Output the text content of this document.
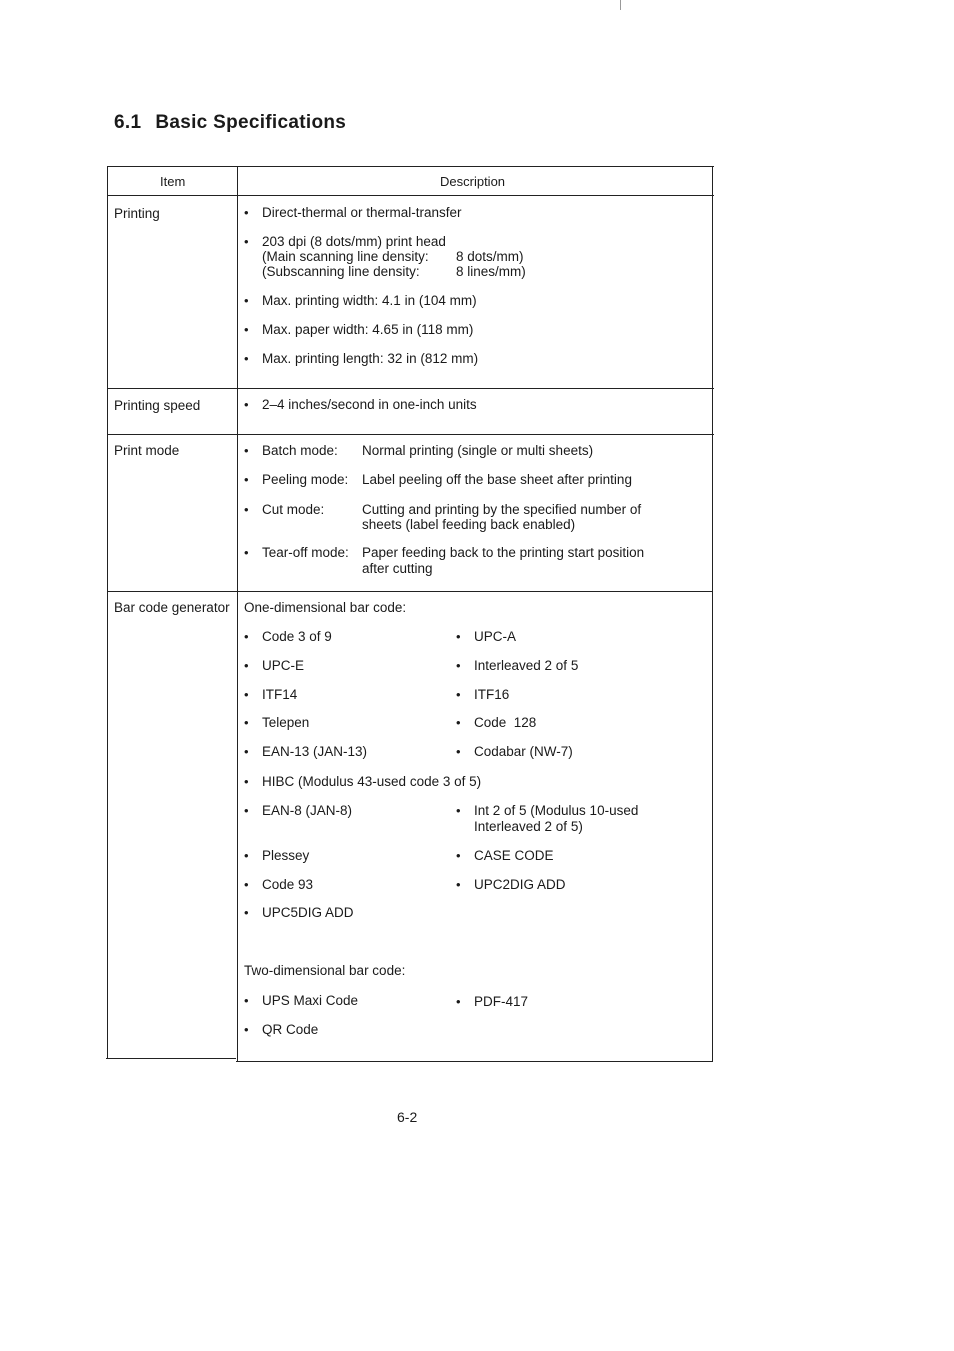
6.1 Basic Specifications
Item	Description
Printing	• Direct-thermal or thermal-transfer
• 203 dpi (8 dots/mm) print head
(Main scanning line density: 8 dots/mm)
(Subscanning line density:	8 lines/mm)
• Max. printing width: 4.1 in (104 mm)
• Max. paper width: 4.65 in (118 mm)
• Max. printing length: 32 in (812 mm)
Printing speed	• 2–4 inches/second in one-inch units
Print mode	• Batch mode: Normal printing (single or multi sheets)
• Peeling mode: Label peeling off the base sheet after printing
• Cut mode:	Cutting and printing by the specified number of
sheets (label feeding back enabled)
• Tear-off mode: Paper feeding back to the printing start position
after cutting
Bar code generator One-dimensional bar code:
• Code 3 of 9	• UPC-A
• UPC-E	• Interleaved 2 of 5
• ITF14	• ITF16
• Telepen	• Code  128
• EAN-13 (JAN-13)	• Codabar (NW-7)
• HIBC (Modulus 43-used code 3 of 5)
• EAN-8 (JAN-8)	• Int 2 of 5 (Modulus 10-used
Interleaved 2 of 5)
• Plessey	• CASE CODE
• Code 93	• UPC2DIG ADD
• UPC5DIG ADD
Two-dimensional bar code:
• UPS Maxi Code	• PDF-417
• QR Code
6-2
